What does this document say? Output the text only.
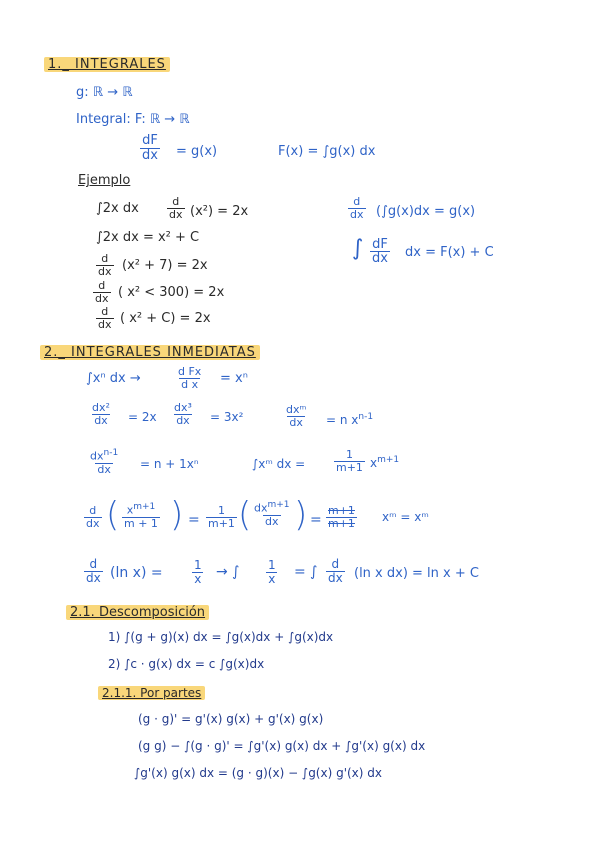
1._ INTEGRALES
g: ℝ → ℝ
Integral: F: ℝ → ℝ
$\frac{dF}{dx} = g(x)$	F(x) = ∫g(x) dx
Ejemplo
∫2x dx	$\frac{d}{dx} (x^2) = 2x$
∫2x dx = x² + C
$\frac{d}{dx} (x^2 + 7) = 2x$
$\frac{d}{dx}$ ( x² < 300) = 2x
$\frac{d}{dx}$ ( x² + C) = 2x
$\frac{d}{dx} (\int g(x)dx = g(x)$
∫ $\frac{dF}{dx}$ dx = F(x) + C
2._ INTEGRALES INMEDIATAS
∫xⁿ dx →	$\frac{\text{d Fx}}{\text{d x}} = x^n$
$\frac{\text{dx²}}{dx} = 2x \frac{\text{dx³}}{dx} = 3x^2$
dxᵐ
dx = n $x^{n-1}$
$dx^{n-1}$
dx = n + 1xⁿ	∫xᵐ dx =	$\frac{1}{m+1} x^{m+1}$
$\frac{d}{dx}$ ( $\frac{x^{m+1}}{m + 1}$ ) = $\frac{1}{m+1}$ ( $dx^{m+1}$
dx ) = $\frac{m+1}{m+1}$ xᵐ = xᵐ
$\frac{d}{dx} (\ln$ $x) = \frac{1}{x}$ → ∫ $\frac{1}{x}$ = ∫ $\frac{d}{dx} (\ln$ x dx) = ln x + C
2.1. Descomposición
1) ∫(g + g)(x) dx = ∫g(x)dx + ∫g(x)dx
2) ∫c · g(x) dx = c ∫g(x)dx
2.1.1. Por partes
(g · g)' = g'(x) g(x) + g'(x) g(x)
(g g) − ∫(g · g)' = ∫g'(x) g(x) dx + ∫g'(x) g(x) dx
∫g'(x) g(x) dx = (g · g)(x) − ∫g(x) g'(x) dx
